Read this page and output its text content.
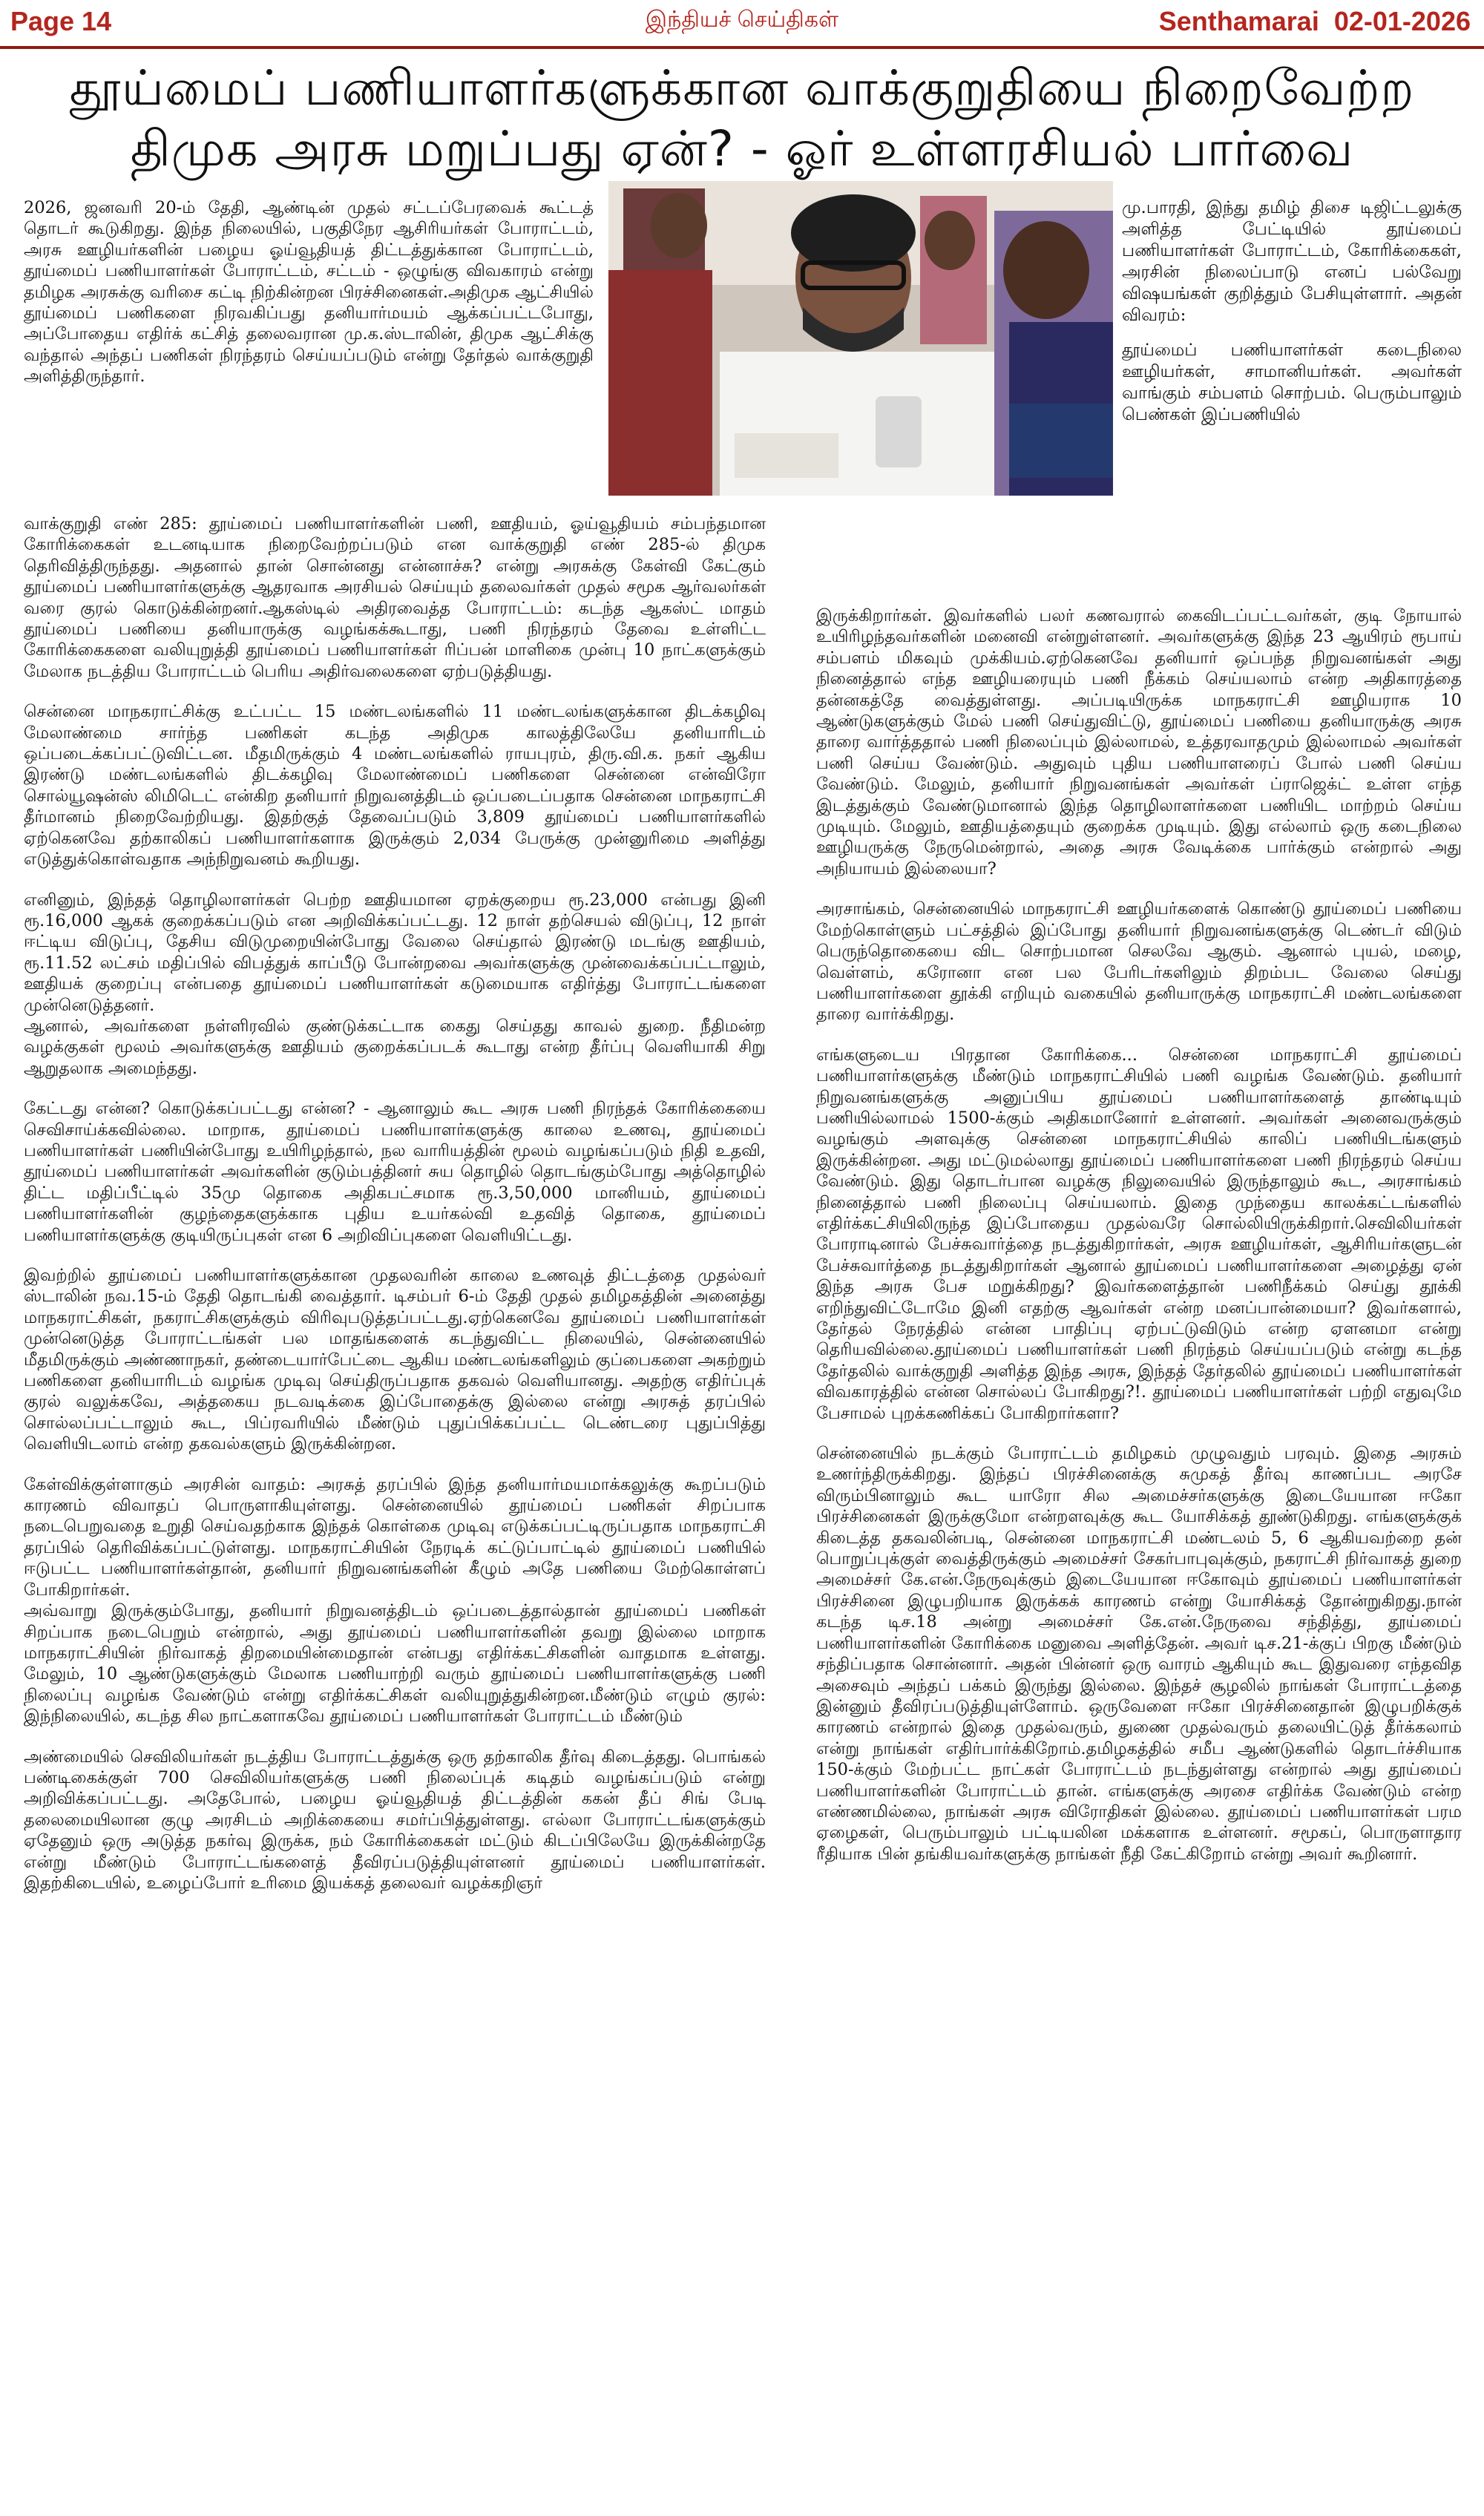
Page 14	இந்தியச் செய்திகள்	Senthamarai 02-01-2026
தூய்மைப் பணியாளர்களுக்கான வாக்குறுதியை நிறைவேற்ற
திமுக அரசு மறுப்பது ஏன்? - ஓர் உள்ளரசியல் பார்வை

2026, ஜனவரி 20-ம் தேதி, ஆண்டின் முதல் சட்டப்பேரவைக் கூட்டத் தொடர் கூடுகிறது. இந்த நிலையில், பகுதிநேர ஆசிரியர்கள் போராட்டம், அரசு ஊழியர்களின் பழைய ஓய்வூதியத் திட்டத்துக்கான போராட்டம், தூய்மைப் பணியாளர்கள் போராட்டம், சட்டம் - ஒழுங்கு விவகாரம் என்று தமிழக அரசுக்கு வரிசை கட்டி நிற்கின்றன பிரச்சினைகள்.அதிமுக ஆட்சியில் தூய்மைப் பணிகளை நிரவகிப்பது தனியார்மயம் ஆக்கப்பட்டபோது, அப்போதைய எதிர்க் கட்சித் தலைவரான மு.க.ஸ்டாலின், திமுக ஆட்சிக்கு வந்தால் அந்தப் பணிகள் நிரந்தரம் செய்யப்படும் என்று தேர்தல் வாக்குறுதி அளித்திருந்தார்.

வாக்குறுதி எண் 285: தூய்மைப் பணியாளர்களின் பணி, ஊதியம், ஓய்வூதியம் சம்பந்தமான கோரிக்கைகள் உடனடியாக நிறைவேற்றப்படும் என வாக்குறுதி எண் 285-ல் திமுக தெரிவித்திருந்தது. அதனால் தான் சொன்னது என்னாச்சு? என்று அரசுக்கு கேள்வி கேட்கும் தூய்மைப் பணியாளர்களுக்கு ஆதரவாக அரசியல் செய்யும் தலைவர்கள் முதல் சமூக ஆர்வலர்கள் வரை குரல் கொடுக்கின்றனர்.ஆகஸ்டில் அதிரவைத்த போராட்டம்: கடந்த ஆகஸ்ட் மாதம் தூய்மைப் பணியை தனியாருக்கு வழங்கக்கூடாது, பணி நிரந்தரம் தேவை உள்ளிட்ட கோரிக்கைகளை வலியுறுத்தி தூய்மைப் பணியாளர்கள் ரிப்பன் மாளிகை முன்பு 10 நாட்களுக்கும் மேலாக நடத்திய போராட்டம் பெரிய அதிர்வலைகளை ஏற்படுத்தியது.

சென்னை மாநகராட்சிக்கு உட்பட்ட 15 மண்டலங்களில் 11 மண்டலங்களுக்கான திடக்கழிவு மேலாண்மை சார்ந்த பணிகள் கடந்த அதிமுக காலத்திலேயே தனியாரிடம் ஒப்படைக்கப்பட்டுவிட்டன. மீதமிருக்கும் 4 மண்டலங்களில் ராயபுரம், திரு.வி.க. நகர் ஆகிய இரண்டு மண்டலங்களில் திடக்கழிவு மேலாண்மைப் பணிகளை சென்னை என்விரோ சொல்யூஷன்ஸ் லிமிடெட் என்கிற தனியார் நிறுவனத்திடம் ஒப்படைப்பதாக சென்னை மாநகராட்சி தீர்மானம் நிறைவேற்றியது. இதற்குத் தேவைப்படும் 3,809 தூய்மைப் பணியாளர்களில் ஏற்கெனவே தற்காலிகப் பணியாளர்களாக இருக்கும் 2,034 பேருக்கு முன்னுரிமை அளித்து எடுத்துக்கொள்வதாக அந்நிறுவனம் கூறியது.

எனினும், இந்தத் தொழிலாளர்கள் பெற்ற ஊதியமான ஏறக்குறைய ரூ.23,000 என்பது இனி ரூ.16,000 ஆகக் குறைக்கப்படும் என அறிவிக்கப்பட்டது. 12 நாள் தற்செயல் விடுப்பு, 12 நாள் ஈட்டிய விடுப்பு, தேசிய விடுமுறையின்போது வேலை செய்தால் இரண்டு மடங்கு ஊதியம், ரூ.11.52 லட்சம் மதிப்பில் விபத்துக் காப்பீடு போன்றவை அவர்களுக்கு முன்வைக்கப்பட்டாலும், ஊதியக் குறைப்பு என்பதை தூய்மைப் பணியாளர்கள் கடுமையாக எதிர்த்து போராட்டங்களை முன்னெடுத்தனர்.
ஆனால், அவர்களை நள்ளிரவில் குண்டுக்கட்டாக கைது செய்தது காவல் துறை. நீதிமன்ற வழக்குகள் மூலம் அவர்களுக்கு ஊதியம் குறைக்கப்படக் கூடாது என்ற தீர்ப்பு வெளியாகி சிறு ஆறுதலாக அமைந்தது.

கேட்டது என்ன? கொடுக்கப்பட்டது என்ன? - ஆனாலும் கூட அரசு பணி நிரந்தக் கோரிக்கையை செவிசாய்க்கவில்லை. மாறாக, தூய்மைப் பணியாளர்களுக்கு காலை உணவு, தூய்மைப் பணியாளர்கள் பணியின்போது உயிரிழந்தால், நல வாரியத்தின் மூலம் வழங்கப்படும் நிதி உதவி, தூய்மைப் பணியாளர்கள் அவர்களின் குடும்பத்தினர் சுய தொழில் தொடங்கும்போது அத்தொழில் திட்ட மதிப்பீட்டில் 35மு தொகை அதிகபட்சமாக ரூ.3,50,000 மானியம், தூய்மைப் பணியாளர்களின் குழந்தைகளுக்காக புதிய உயர்கல்வி உதவித் தொகை, தூய்மைப் பணியாளர்களுக்கு குடியிருப்புகள் என 6 அறிவிப்புகளை வெளியிட்டது.

இவற்றில் தூய்மைப் பணியாளர்களுக்கான முதலவரின் காலை உணவுத் திட்டத்தை முதல்வர் ஸ்டாலின் நவ.15-ம் தேதி தொடங்கி வைத்தார். டிசம்பர் 6-ம் தேதி முதல் தமிழகத்தின் அனைத்து மாநகராட்சிகள், நகராட்சிகளுக்கும் விரிவுபடுத்தப்பட்டது.ஏற்கெனவே தூய்மைப் பணியாளர்கள் முன்னெடுத்த போராட்டங்கள் பல மாதங்களைக் கடந்துவிட்ட நிலையில், சென்னையில் மீதமிருக்கும் அண்ணாநகர், தண்டையார்பேட்டை ஆகிய மண்டலங்களிலும் குப்பைகளை அகற்றும் பணிகளை தனியாரிடம் வழங்க முடிவு செய்திருப்பதாக தகவல் வெளியானது. அதற்கு எதிர்ப்புக் குரல் வலுக்கவே, அத்தகைய நடவடிக்கை இப்போதைக்கு இல்லை என்று அரசுத் தரப்பில் சொல்லப்பட்டாலும் கூட, பிப்ரவரியில் மீண்டும் புதுப்பிக்கப்பட்ட டெண்டரை புதுப்பித்து வெளியிடலாம் என்ற தகவல்களும் இருக்கின்றன.

கேள்விக்குள்ளாகும் அரசின் வாதம்: அரசுத் தரப்பில் இந்த தனியார்மயமாக்கலுக்கு கூறப்படும் காரணம் விவாதப் பொருளாகியுள்ளது. சென்னையில் தூய்மைப் பணிகள் சிறப்பாக நடைபெறுவதை உறுதி செய்வதற்காக இந்தக் கொள்கை முடிவு எடுக்கப்பட்டிருப்பதாக மாநகராட்சி தரப்பில் தெரிவிக்கப்பட்டுள்ளது. மாநகராட்சியின் நேரடிக் கட்டுப்பாட்டில் தூய்மைப் பணியில் ஈடுபட்ட பணியாளர்கள்தான், தனியார் நிறுவனங்களின் கீழும் அதே பணியை மேற்கொள்ளப் போகிறார்கள்.
அவ்வாறு இருக்கும்போது, தனியார் நிறுவனத்திடம் ஒப்படைத்தால்தான் தூய்மைப் பணிகள் சிறப்பாக நடைபெறும் என்றால், அது தூய்மைப் பணியாளர்களின் தவறு இல்லை மாறாக மாநகராட்சியின் நிர்வாகத் திறமையின்மைதான் என்பது எதிர்க்கட்சிகளின் வாதமாக உள்ளது. மேலும், 10 ஆண்டுகளுக்கும் மேலாக பணியாற்றி வரும் தூய்மைப் பணியாளர்களுக்கு பணி நிலைப்பு வழங்க வேண்டும் என்று எதிர்க்கட்சிகள் வலியுறுத்துகின்றன.மீண்டும் எழும் குரல்: இந்நிலையில், கடந்த சில நாட்களாகவே தூய்மைப் பணியாளர்கள் போராட்டம் மீண்டும்

அண்மையில் செவிலியர்கள் நடத்திய போராட்டத்துக்கு ஒரு தற்காலிக தீர்வு கிடைத்தது. பொங்கல் பண்டிகைக்குள் 700 செவிலியர்களுக்கு பணி நிலைப்புக் கடிதம் வழங்கப்படும் என்று அறிவிக்கப்பட்டது. அதேபோல், பழைய ஓய்வூதியத் திட்டத்தின் ககன் தீப் சிங் பேடி தலைமையிலான குழு அரசிடம் அறிக்கையை சமர்ப்பித்துள்ளது. எல்லா போராட்டங்களுக்கும் ஏதேனும் ஒரு அடுத்த நகர்வு இருக்க, நம் கோரிக்கைகள் மட்டும் கிடப்பிலேயே இருக்கின்றதே என்று மீண்டும் போராட்டங்களைத் தீவிரப்படுத்தியுள்ளனர் தூய்மைப் பணியாளர்கள். இதற்கிடையில், உழைப்போர் உரிமை இயக்கத் தலைவர் வழக்கறிஞர்

மு.பாரதி, இந்து தமிழ் திசை டிஜிட்டலுக்கு அளித்த பேட்டியில் தூய்மைப் பணியாளர்கள் போராட்டம், கோரிக்கைகள், அரசின் நிலைப்பாடு எனப் பல்வேறு விஷயங்கள் குறித்தும் பேசியுள்ளார். அதன் விவரம்:

தூய்மைப் பணியாளர்கள் கடைநிலை ஊழியர்கள், சாமானியர்கள். அவர்கள் வாங்கும் சம்பளம் சொற்பம். பெரும்பாலும் பெண்கள் இப்பணியில்

இருக்கிறார்கள். இவர்களில் பலர் கணவரால் கைவிடப்பட்டவர்கள், குடி நோயால் உயிரிழந்தவர்களின் மனைவி என்றுள்ளனர். அவர்களுக்கு இந்த 23 ஆயிரம் ரூபாய் சம்பளம் மிகவும் முக்கியம்.ஏற்கெனவே தனியார் ஒப்பந்த நிறுவனங்கள் அது நினைத்தால் எந்த ஊழியரையும் பணி நீக்கம் செய்யலாம் என்ற அதிகாரத்தை தன்னகத்தே வைத்துள்ளது. அப்படியிருக்க மாநகராட்சி ஊழியராக 10 ஆண்டுகளுக்கும் மேல் பணி செய்துவிட்டு, தூய்மைப் பணியை தனியாருக்கு அரசு தாரை வார்த்ததால் பணி நிலைப்பும் இல்லாமல், உத்தரவாதமும் இல்லாமல் அவர்கள் பணி செய்ய வேண்டும். அதுவும் புதிய பணியாளரைப் போல் பணி செய்ய வேண்டும். மேலும், தனியார் நிறுவனங்கள் அவர்கள் ப்ராஜெக்ட் உள்ள எந்த இடத்துக்கும் வேண்டுமானால் இந்த தொழிலாளர்களை பணியிட மாற்றம் செய்ய முடியும். மேலும், ஊதியத்தையும் குறைக்க முடியும். இது எல்லாம் ஒரு கடைநிலை ஊழியருக்கு நேருமென்றால், அதை அரசு வேடிக்கை பார்க்கும் என்றால் அது அநியாயம் இல்லையா?

அரசாங்கம், சென்னையில் மாநகராட்சி ஊழியர்களைக் கொண்டு தூய்மைப் பணியை மேற்கொள்ளும் பட்சத்தில் இப்போது தனியார் நிறுவனங்களுக்கு டெண்டர் விடும் பெருந்தொகையை விட சொற்பமான செலவே ஆகும். ஆனால் புயல், மழை, வெள்ளம், கரோனா என பல பேரிடர்களிலும் திறம்பட வேலை செய்து பணியாளர்களை தூக்கி எறியும் வகையில் தனியாருக்கு மாநகராட்சி மண்டலங்களை தாரை வார்க்கிறது.

எங்களுடைய பிரதான கோரிக்கை... சென்னை மாநகராட்சி தூய்மைப் பணியாளர்களுக்கு மீண்டும் மாநகராட்சியில் பணி வழங்க வேண்டும். தனியார் நிறுவனங்களுக்கு அனுப்பிய தூய்மைப் பணியாளர்களைத் தாண்டியும் பணியில்லாமல் 1500-க்கும் அதிகமானோர் உள்ளனர். அவர்கள் அனைவருக்கும் வழங்கும் அளவுக்கு சென்னை மாநகராட்சியில் காலிப் பணியிடங்களும் இருக்கின்றன. அது மட்டுமல்லாது தூய்மைப் பணியாளர்களை பணி நிரந்தரம் செய்ய வேண்டும். இது தொடர்பான வழக்கு நிலுவையில் இருந்தாலும் கூட, அரசாங்கம் நினைத்தால் பணி நிலைப்பு செய்யலாம். இதை முந்தைய காலக்கட்டங்களில் எதிர்க்கட்சியிலிருந்த இப்போதைய முதல்வரே சொல்லியிருக்கிறார்.செவிலியர்கள் போராடினால் பேச்சுவார்த்தை நடத்துகிறார்கள், அரசு ஊழியர்கள், ஆசிரியர்களுடன் பேச்சுவார்த்தை நடத்துகிறார்கள் ஆனால் தூய்மைப் பணியாளர்களை அழைத்து ஏன் இந்த அரசு பேச மறுக்கிறது? இவர்களைத்தான் பணிநீக்கம் செய்து தூக்கி எறிந்துவிட்டோமே இனி எதற்கு ஆவர்கள் என்ற மனப்பான்மையா? இவர்களால், தேர்தல் நேரத்தில் என்ன பாதிப்பு ஏற்பட்டுவிடும் என்ற ஏளனமா என்று தெரியவில்லை.தூய்மைப் பணியாளர்கள் பணி நிரந்தம் செய்யப்படும் என்று கடந்த தேர்தலில் வாக்குறுதி அளித்த இந்த அரசு, இந்தத் தேர்தலில் தூய்மைப் பணியாளர்கள் விவகாரத்தில் என்ன சொல்லப் போகிறது?!. தூய்மைப் பணியாளர்கள் பற்றி எதுவுமே பேசாமல் புறக்கணிக்கப் போகிறார்களா?

சென்னையில் நடக்கும் போராட்டம் தமிழகம் முழுவதும் பரவும். இதை அரசும் உணர்ந்திருக்கிறது. இந்தப் பிரச்சினைக்கு சுமுகத் தீர்வு காணப்பட அரசே விரும்பினாலும் கூட யாரோ சில அமைச்சர்களுக்கு இடையேயான ஈகோ பிரச்சினைகள் இருக்குமோ என்றளவுக்கு கூட யோசிக்கத் தூண்டுகிறது. எங்களுக்குக் கிடைத்த தகவலின்படி, சென்னை மாநகராட்சி மண்டலம் 5, 6 ஆகியவற்றை தன் பொறுப்புக்குள் வைத்திருக்கும் அமைச்சர் சேகர்பாபுவுக்கும், நகராட்சி நிர்வாகத் துறை அமைச்சர் கே.என்.நேருவுக்கும் இடையேயான ஈகோவும் தூய்மைப் பணியாளர்கள் பிரச்சினை இழுபறியாக இருக்கக் காரணம் என்று யோசிக்கத் தோன்றுகிறது.நான் கடந்த டிச.18 அன்று அமைச்சர் கே.என்.நேருவை சந்தித்து, தூய்மைப் பணியாளர்களின் கோரிக்கை மனுவை அளித்தேன். அவர் டிச.21-க்குப் பிறகு மீண்டும் சந்திப்பதாக சொன்னார். அதன் பின்னர் ஒரு வாரம் ஆகியும் கூட இதுவரை எந்தவித அசைவும் அந்தப் பக்கம் இருந்து இல்லை. இந்தச் சூழலில் நாங்கள் போராட்டத்தை இன்னும் தீவிரப்படுத்தியுள்ளோம். ஒருவேளை ஈகோ பிரச்சினைதான் இழுபறிக்குக் காரணம் என்றால் இதை முதல்வரும், துணை முதல்வரும் தலையிட்டுத் தீர்க்கலாம் என்று நாங்கள் எதிர்பார்க்கிறோம்.தமிழகத்தில் சமீப ஆண்டுகளில் தொடர்ச்சியாக 150-க்கும் மேற்பட்ட நாட்கள் போராட்டம் நடந்துள்ளது என்றால் அது தூய்மைப் பணியாளர்களின் போராட்டம் தான். எங்களுக்கு அரசை எதிர்க்க வேண்டும் என்ற எண்ணமில்லை, நாங்கள் அரசு விரோதிகள் இல்லை. தூய்மைப் பணியாளர்கள் பரம ஏழைகள், பெரும்பாலும் பட்டியலின மக்களாக உள்ளனர். சமூகப், பொருளாதார ரீதியாக பின் தங்கியவர்களுக்கு நாங்கள் நீதி கேட்கிறோம் என்று அவர் கூறினார்.
